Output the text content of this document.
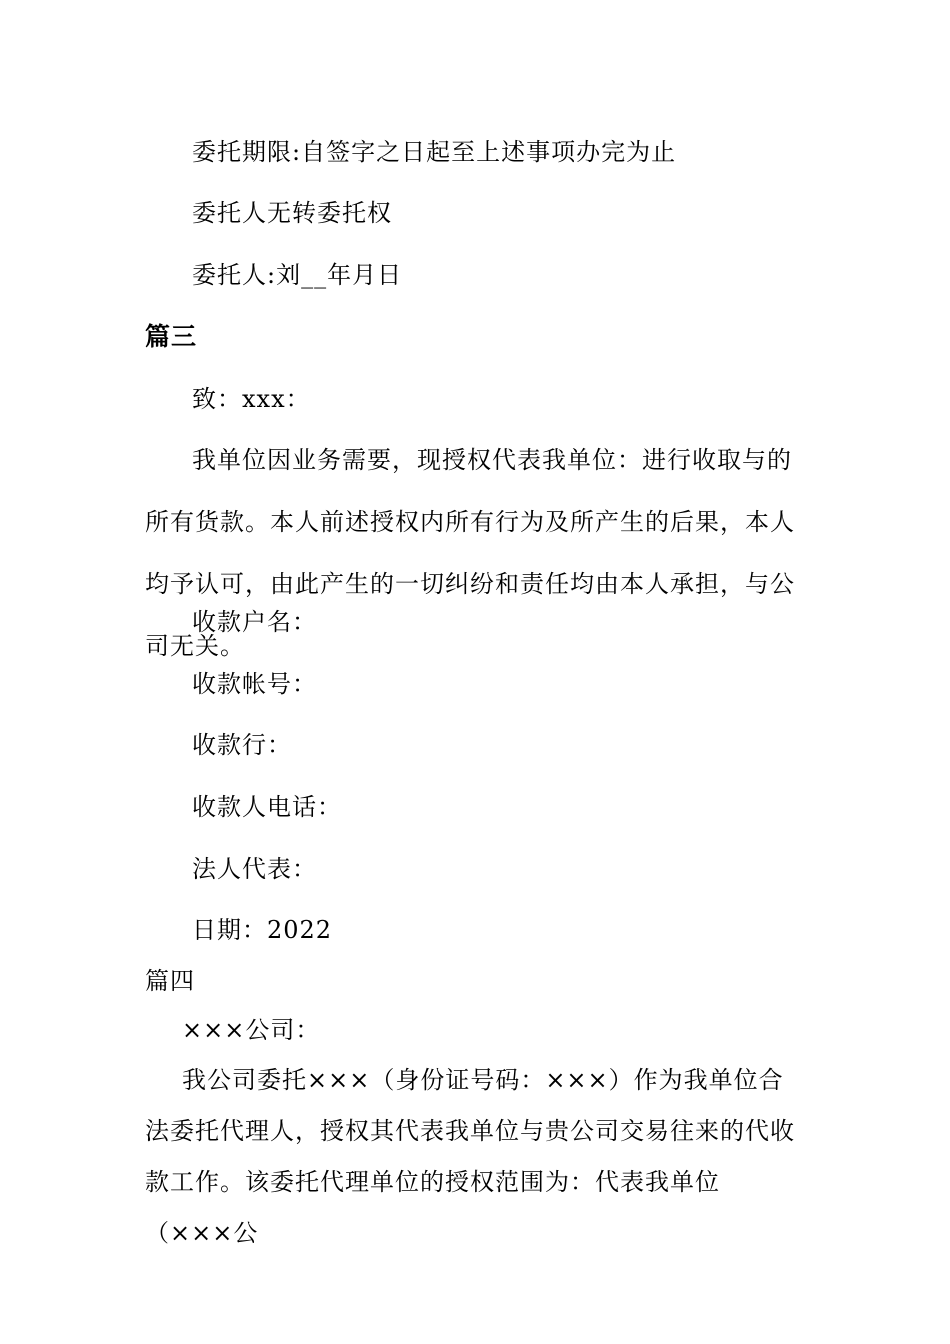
委托期限:自签字之日起至上述事项办完为止
委托人无转委托权
委托人:刘__年月日
篇三
致：xxx：

我单位因业务需要，现授权代表我单位：进行收取与的所有货款。本人前述授权内所有行为及所产生的后果，本人均予认可，由此产生的一切纠纷和责任均由本人承担，与公司无关。

收款户名：
收款帐号：
收款行：
收款人电话：
法人代表：
日期：2022
篇四
×××公司：

我公司委托×××（身份证号码：×××）作为我单位合法委托代理人，授权其代表我单位与贵公司交易往来的代收款工作。该委托代理单位的授权范围为：代表我单位（×××公
